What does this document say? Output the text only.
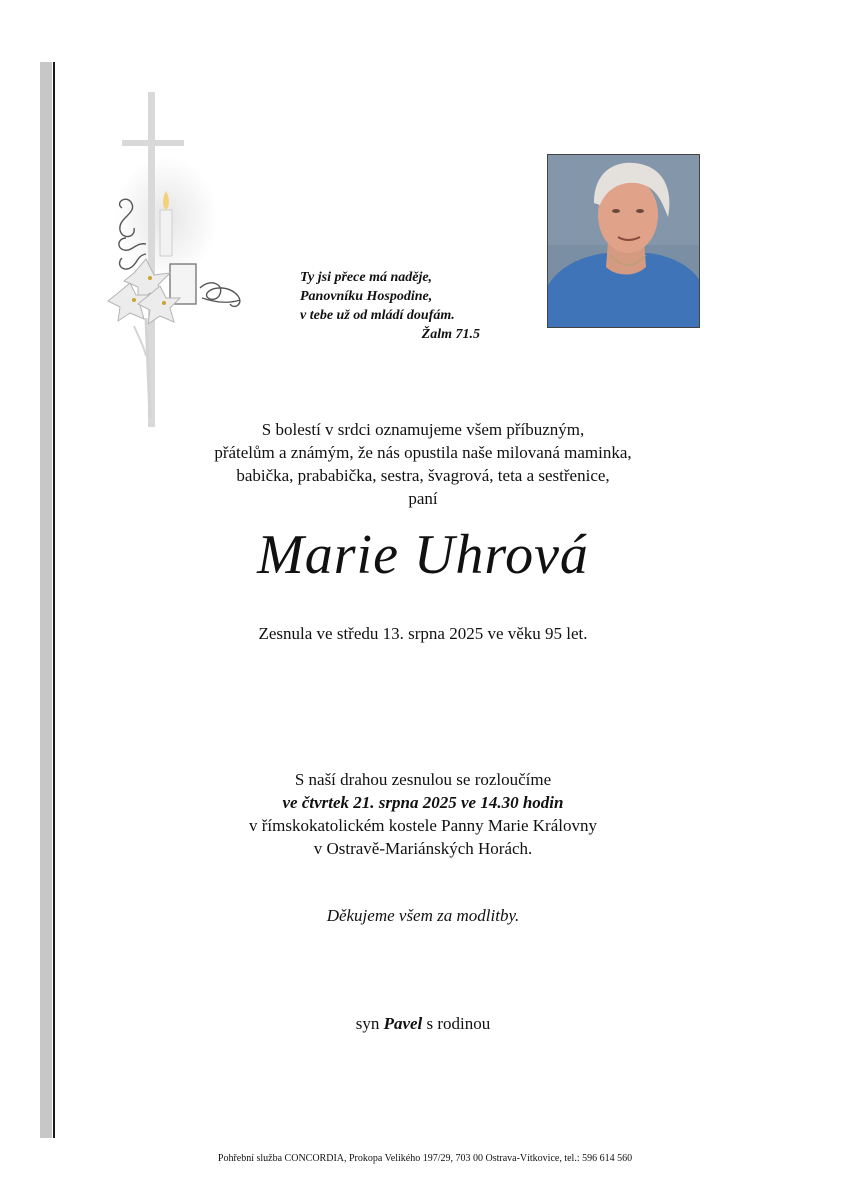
Ty jsi přece má naděje,
Panovníku Hospodine,
v tebe už od mládí doufám.
Žalm 71.5
S bolestí v srdci oznamujeme všem příbuzným,
přátelům a známým, že nás opustila naše milovaná maminka,
babička, prababička, sestra, švagrová, teta a sestřenice,
paní
Marie Uhrová
Zesnula ve středu 13. srpna 2025 ve věku 95 let.
S naší drahou zesnulou se rozloučíme
ve čtvrtek 21. srpna 2025 ve 14.30 hodin
v římskokatolickém kostele Panny Marie Královny
v Ostravě-Mariánských Horách.
Děkujeme všem za modlitby.
syn Pavel s rodinou
Pohřební služba CONCORDIA, Prokopa Velikého 197/29, 703 00 Ostrava-Vítkovice, tel.: 596 614 560
